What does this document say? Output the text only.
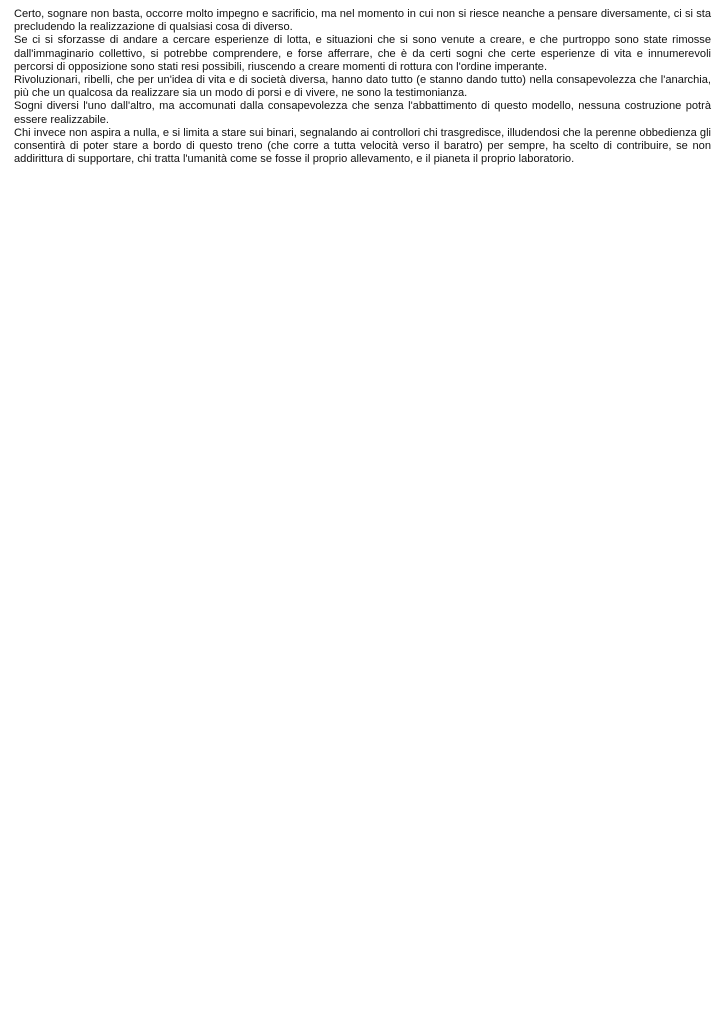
Certo, sognare non basta, occorre molto impegno e sacrificio, ma nel momento in cui non si riesce neanche a pensare diversamente, ci si sta precludendo la realizzazione di qualsiasi cosa di diverso.

Se ci si sforzasse di andare a cercare esperienze di lotta, e situazioni che si sono venute a creare, e che purtroppo sono state rimosse dall'immaginario collettivo, si potrebbe comprendere, e forse afferrare, che è da certi sogni che certe esperienze di vita e innumerevoli percorsi di opposizione sono stati resi possibili, riuscendo a creare momenti di rottura con l'ordine imperante.

Rivoluzionari, ribelli, che per un'idea di vita e di società diversa, hanno dato tutto (e stanno dando tutto) nella consapevolezza che l'anarchia, più che un qualcosa da realizzare sia un modo di porsi e di vivere, ne sono la testimonianza.

Sogni diversi l'uno dall'altro, ma accomunati dalla consapevolezza che senza l'abbattimento di questo modello, nessuna costruzione potrà essere realizzabile.

Chi invece non aspira a nulla, e si limita a stare sui binari, segnalando ai controllori chi trasgredisce, illudendosi che la perenne obbedienza gli consentirà di poter stare a bordo di questo treno (che corre a tutta velocità verso il baratro) per sempre, ha scelto di contribuire, se non addirittura di supportare, chi tratta l'umanità come se fosse il proprio allevamento, e il pianeta il proprio laboratorio.
